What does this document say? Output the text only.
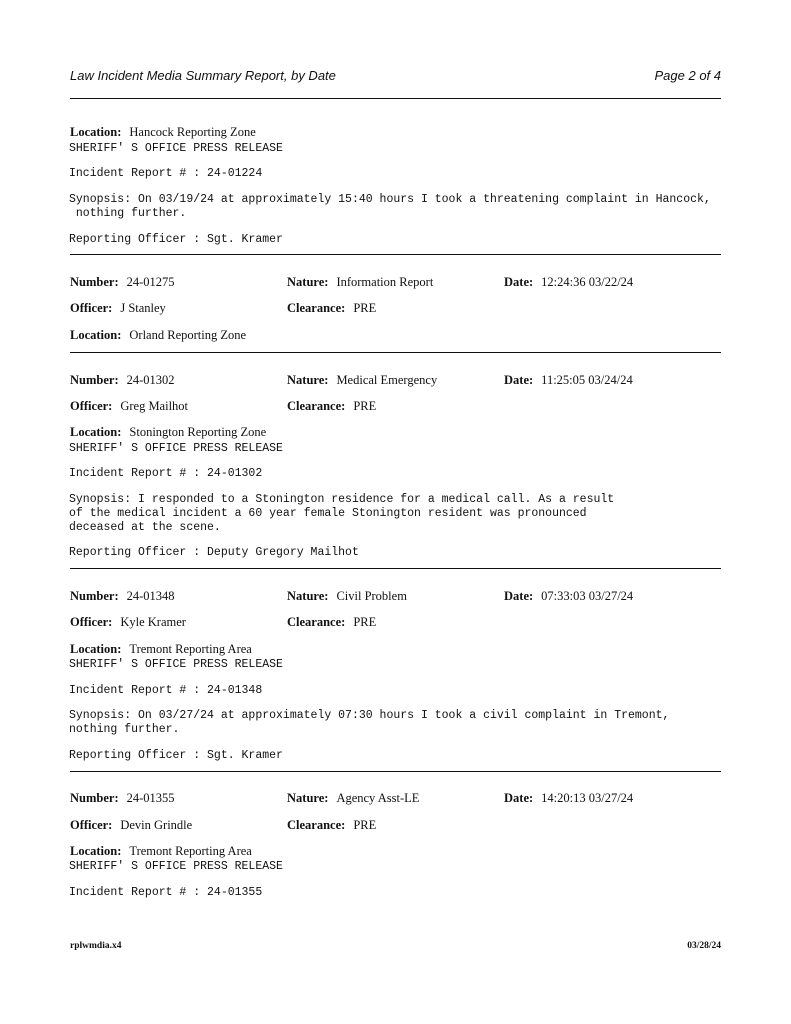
Law Incident Media Summary Report, by Date	Page 2 of 4
Location: Hancock Reporting Zone
SHERIFF' S OFFICE PRESS RELEASE
Incident Report # : 24-01224
Synopsis: On 03/19/24 at approximately 15:40 hours I took a threatening complaint in Hancock,
nothing further.
Reporting Officer : Sgt. Kramer
Number: 24-01275	Nature: Information Report	Date: 12:24:36 03/22/24
Officer: J Stanley	Clearance: PRE
Location: Orland Reporting Zone
Number: 24-01302	Nature: Medical Emergency	Date: 11:25:05 03/24/24
Officer: Greg Mailhot	Clearance: PRE
Location: Stonington Reporting Zone
SHERIFF' S OFFICE PRESS RELEASE
Incident Report # : 24-01302
Synopsis: I responded to a Stonington residence for a medical call. As a result
of the medical incident a 60 year female Stonington resident was pronounced
deceased at the scene.
Reporting Officer : Deputy Gregory Mailhot
Number: 24-01348	Nature: Civil Problem	Date: 07:33:03 03/27/24
Officer: Kyle Kramer	Clearance: PRE
Location: Tremont Reporting Area
SHERIFF' S OFFICE PRESS RELEASE
Incident Report # : 24-01348
Synopsis: On 03/27/24 at approximately 07:30 hours I took a civil complaint in Tremont,
nothing further.
Reporting Officer : Sgt. Kramer
Number: 24-01355	Nature: Agency Asst-LE	Date: 14:20:13 03/27/24
Officer: Devin Grindle	Clearance: PRE
Location: Tremont Reporting Area
SHERIFF' S OFFICE PRESS RELEASE
Incident Report # : 24-01355
rplwmdia.x4	03/28/24
